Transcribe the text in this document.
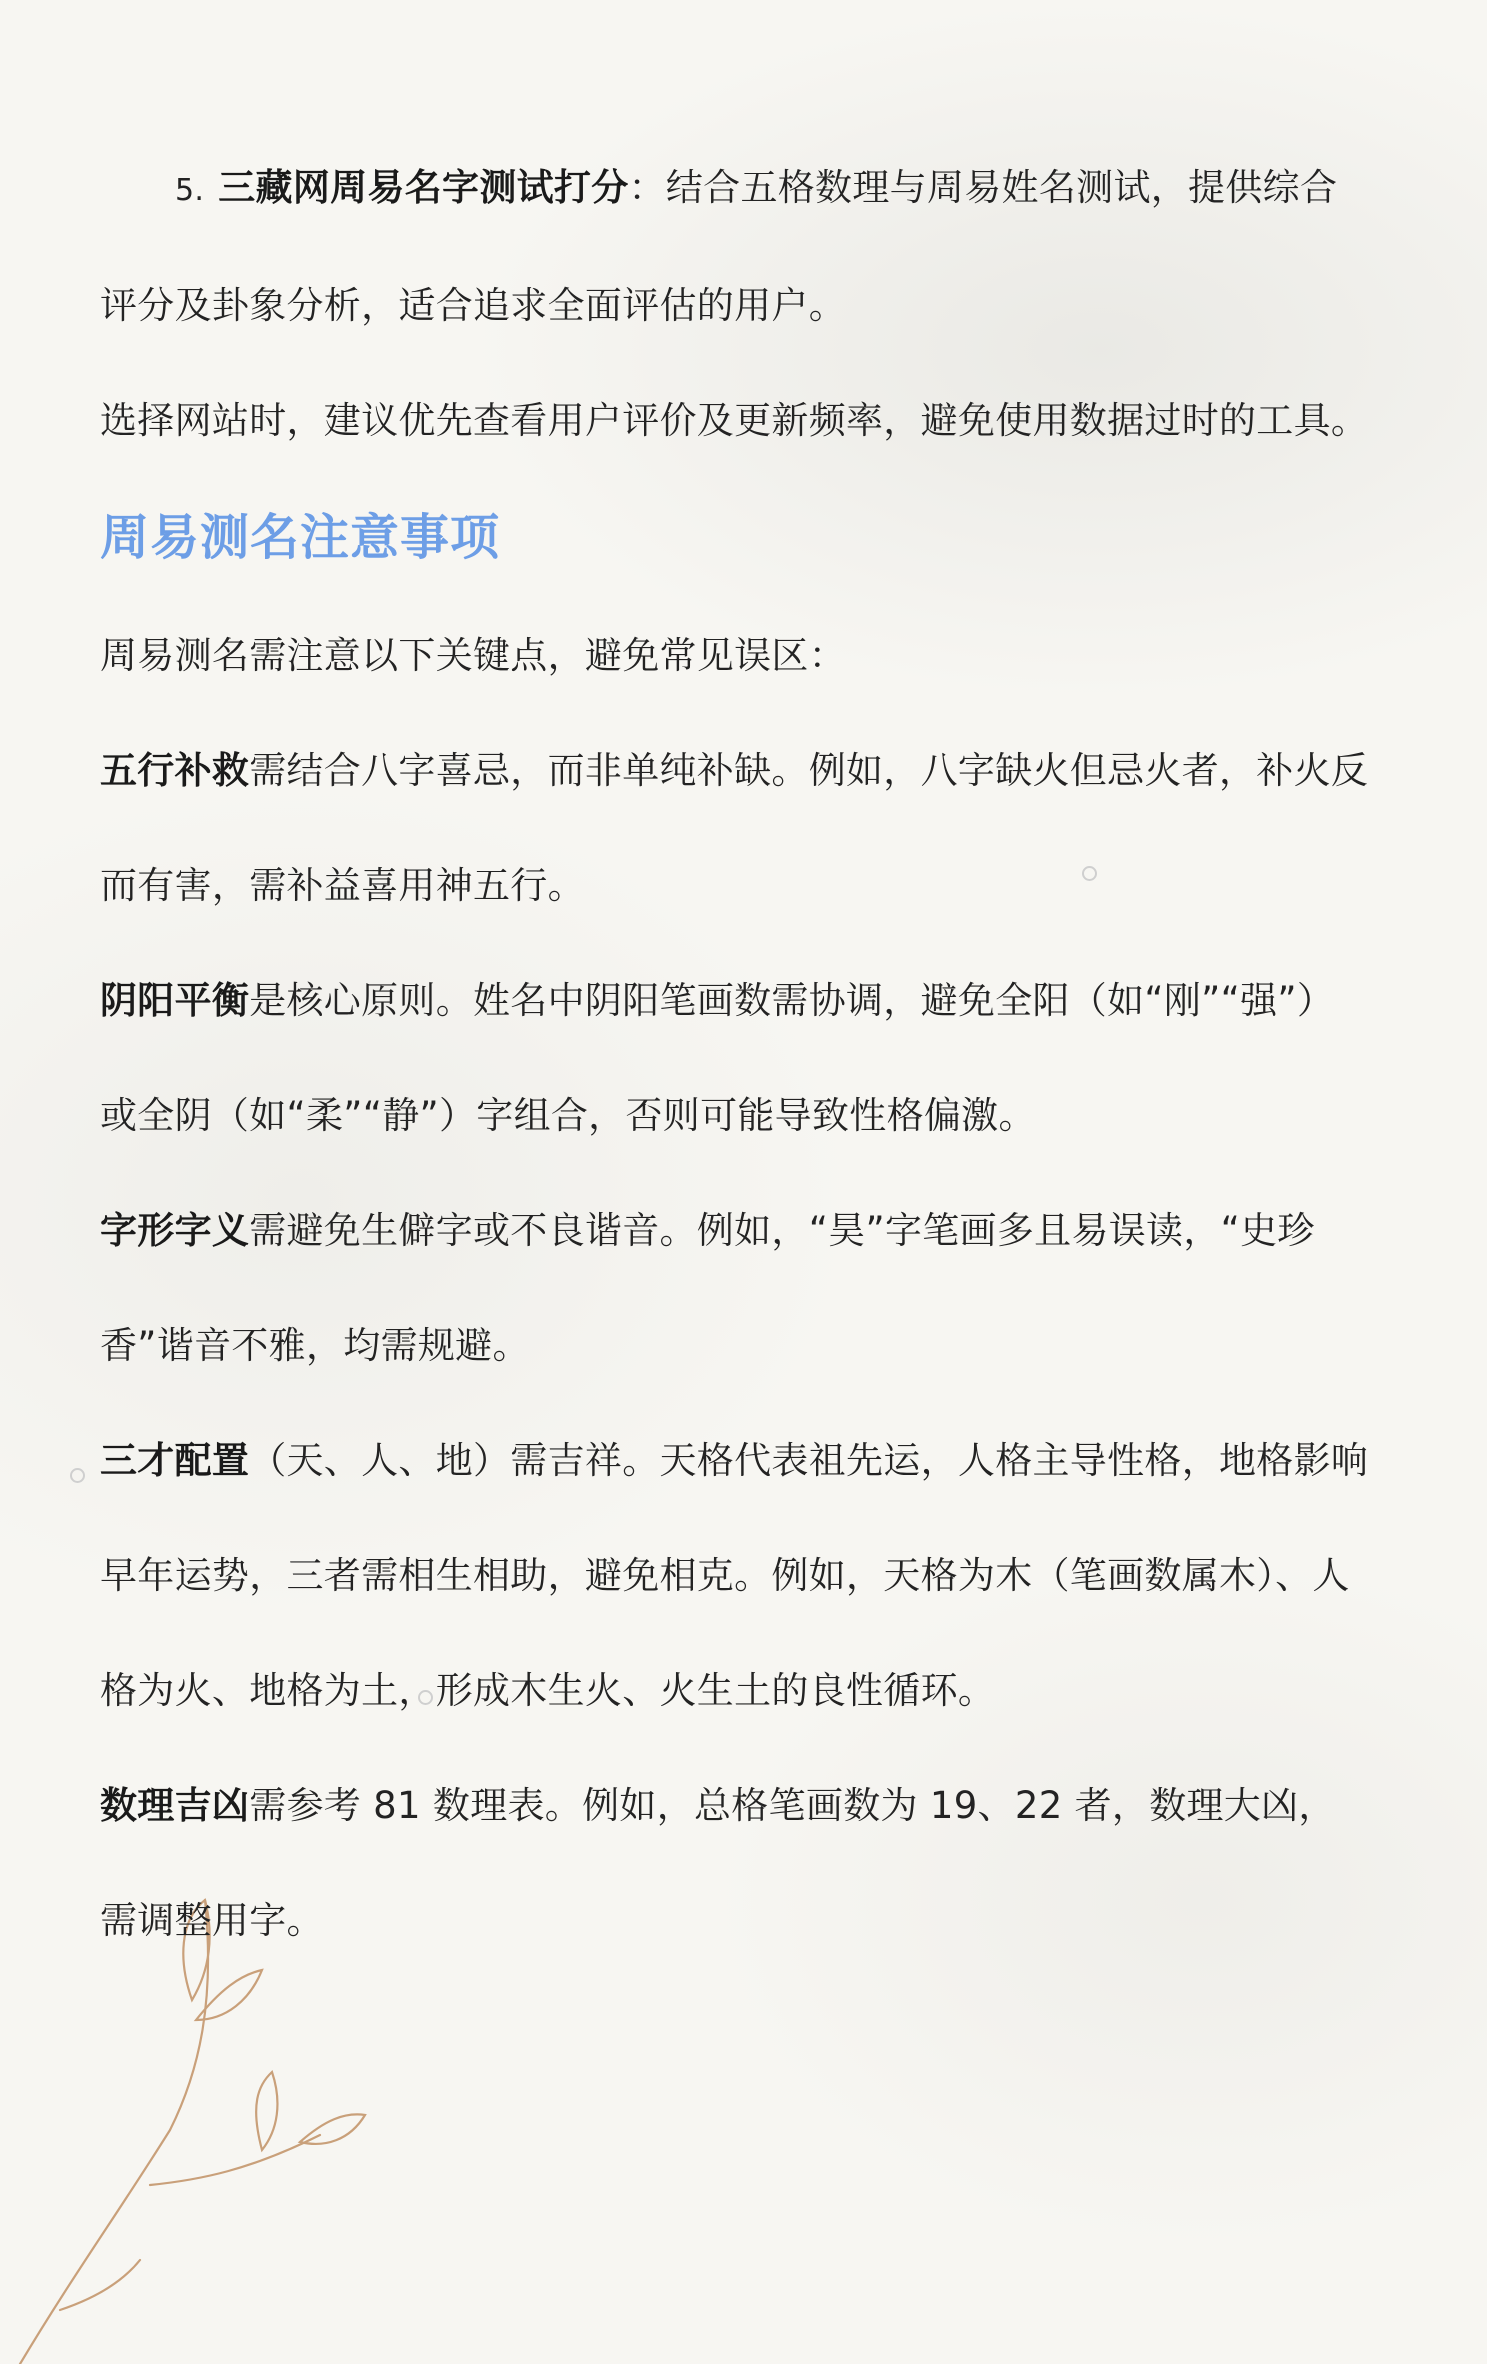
5. 三藏网周易名字测试打分：结合五格数理与周易姓名测试，提供综合评分及卦象分析，适合追求全面评估的用户。

选择网站时，建议优先查看用户评价及更新频率，避免使用数据过时的工具。

周易测名注意事项

周易测名需注意以下关键点，避免常见误区：

五行补救需结合八字喜忌，而非单纯补缺。例如，八字缺火但忌火者，补火反而有害，需补益喜用神五行。

阴阳平衡是核心原则。姓名中阴阳笔画数需协调，避免全阳（如“刚”“强”）或全阴（如“柔”“静”）字组合，否则可能导致性格偏激。

字形字义需避免生僻字或不良谐音。例如，“昊”字笔画多且易误读，“史珍香”谐音不雅，均需规避。

三才配置（天、人、地）需吉祥。天格代表祖先运，人格主导性格，地格影响早年运势，三者需相生相助，避免相克。例如，天格为木（笔画数属木）、人格为火、地格为土，形成木生火、火生土的良性循环。

数理吉凶需参考 81 数理表。例如，总格笔画数为 19、22 者，数理大凶，需调整用字。
